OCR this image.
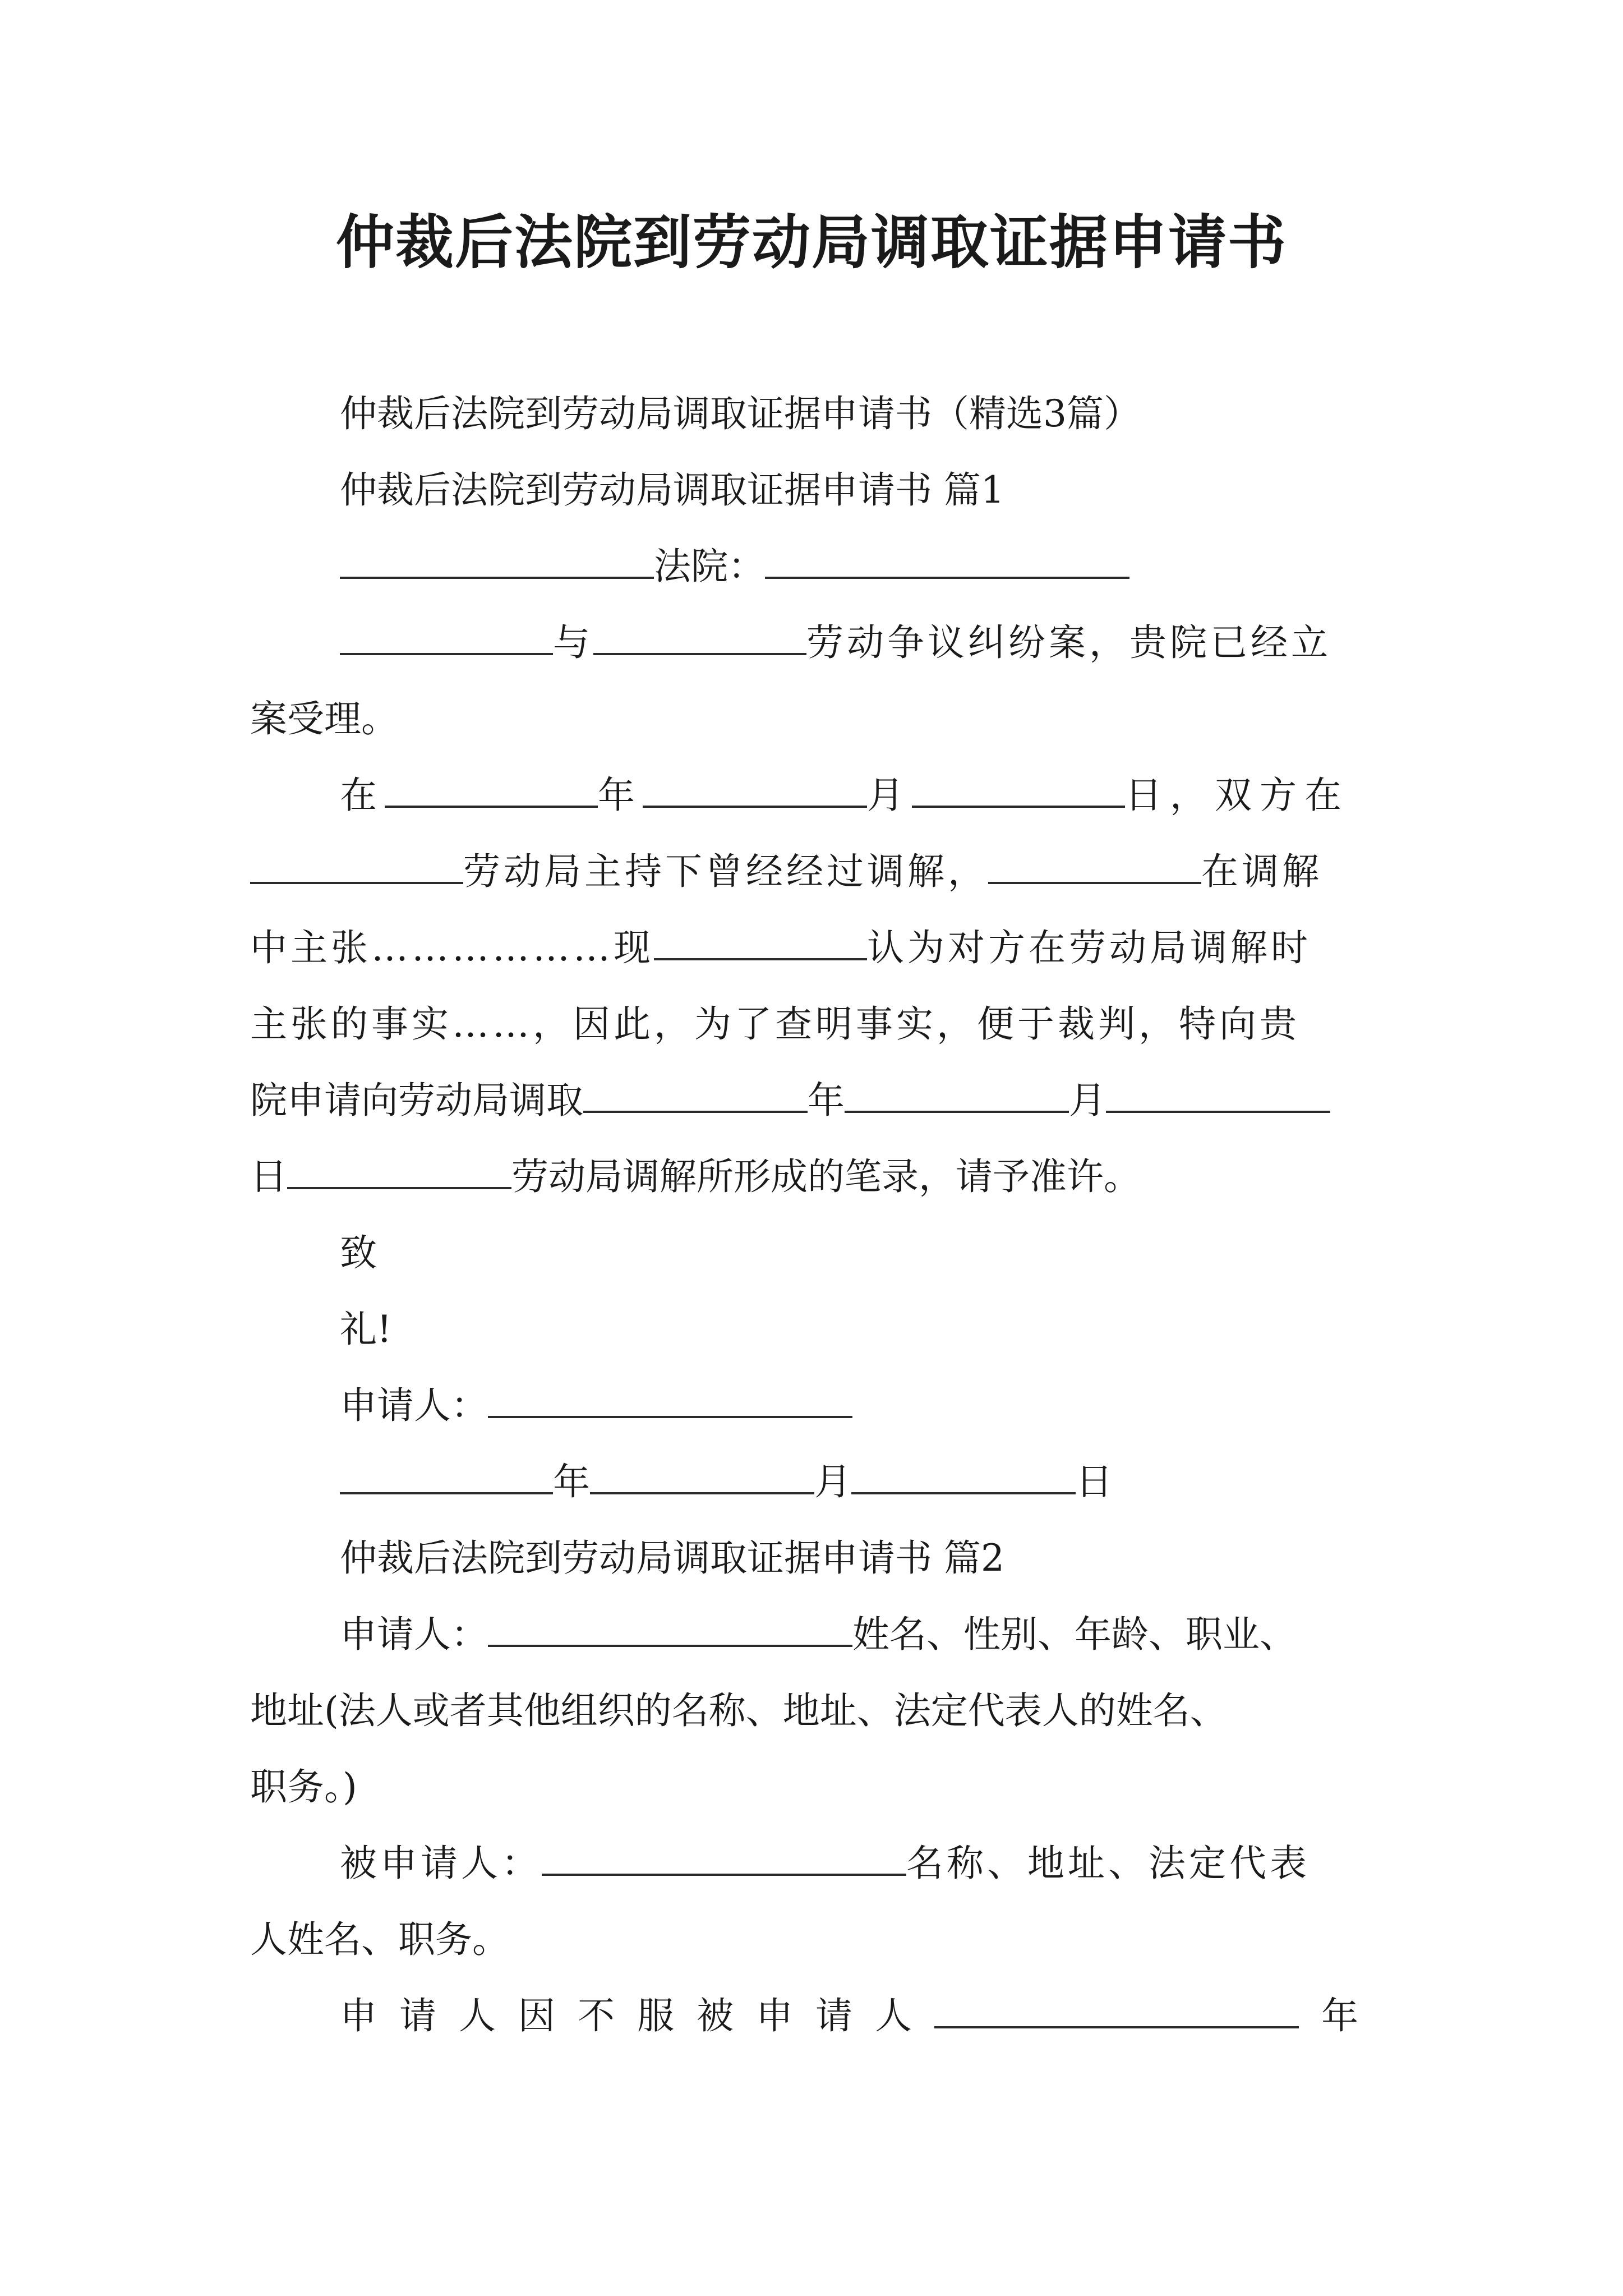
仲裁后法院到劳动局调取证据申请书

仲裁后法院到劳动局调取证据申请书（精选3篇）

仲裁后法院到劳动局调取证据申请书 篇1

法院：

与	劳动争议纠纷案，贵院已经立

案受理。

在	年	月	日，双方在

劳动局主持下曾经经过调解，	在调解

中主张………………现	认为对方在劳动局调解时

主张的事实……，因此，为了查明事实，便于裁判，特向贵

院申请向劳动局调取	年	月

日	劳动局调解所形成的笔录，请予准许。

致

礼!

申请人：

年	月	日

仲裁后法院到劳动局调取证据申请书 篇2

申请人：	姓名、性别、年龄、职业、

地址(法人或者其他组织的名称、地址、法定代表人的姓名、

职务。)

被申请人：	名称、地址、法定代表

人姓名、职务。

申请人因不服被申请人	年
